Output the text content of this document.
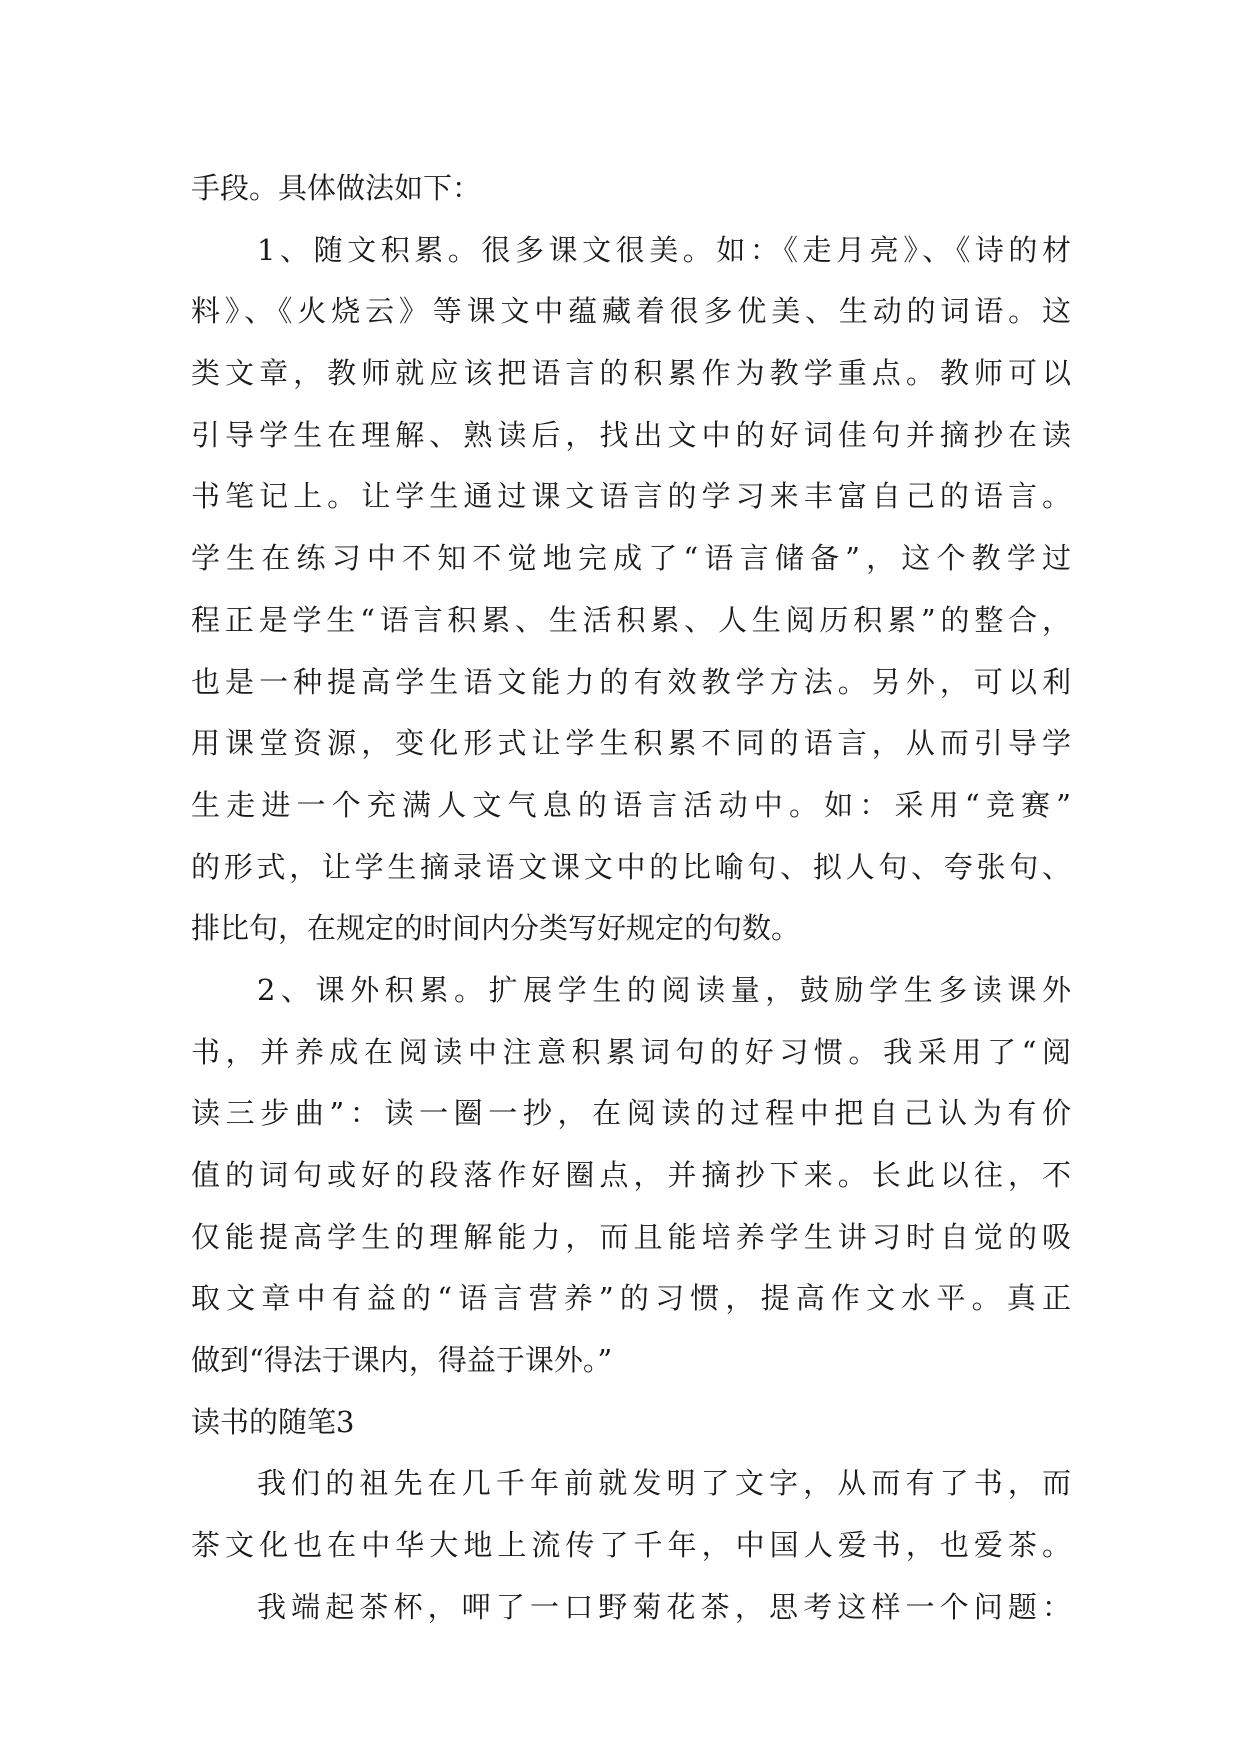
手段。具体做法如下：
1、随文积累。很多课文很美。如：《走月亮》、《诗的材
料》、《火烧云》等课文中蕴藏着很多优美、生动的词语。这
类文章，教师就应该把语言的积累作为教学重点。教师可以
引导学生在理解、熟读后，找出文中的好词佳句并摘抄在读
书笔记上。让学生通过课文语言的学习来丰富自己的语言。
学生在练习中不知不觉地完成了“语言储备”，这个教学过
程正是学生“语言积累、生活积累、人生阅历积累”的整合，
也是一种提高学生语文能力的有效教学方法。另外，可以利
用课堂资源，变化形式让学生积累不同的语言，从而引导学
生走进一个充满人文气息的语言活动中。如：采用“竞赛”
的形式，让学生摘录语文课文中的比喻句、拟人句、夸张句、
排比句，在规定的时间内分类写好规定的句数。
2、课外积累。扩展学生的阅读量，鼓励学生多读课外
书，并养成在阅读中注意积累词句的好习惯。我采用了“阅
读三步曲”：读一圈一抄，在阅读的过程中把自己认为有价
值的词句或好的段落作好圈点，并摘抄下来。长此以往，不
仅能提高学生的理解能力，而且能培养学生讲习时自觉的吸
取文章中有益的“语言营养”的习惯，提高作文水平。真正
做到“得法于课内，得益于课外。”
读书的随笔3
我们的祖先在几千年前就发明了文字，从而有了书，而
茶文化也在中华大地上流传了千年，中国人爱书，也爱茶。
我端起茶杯，呷了一口野菊花茶，思考这样一个问题：
